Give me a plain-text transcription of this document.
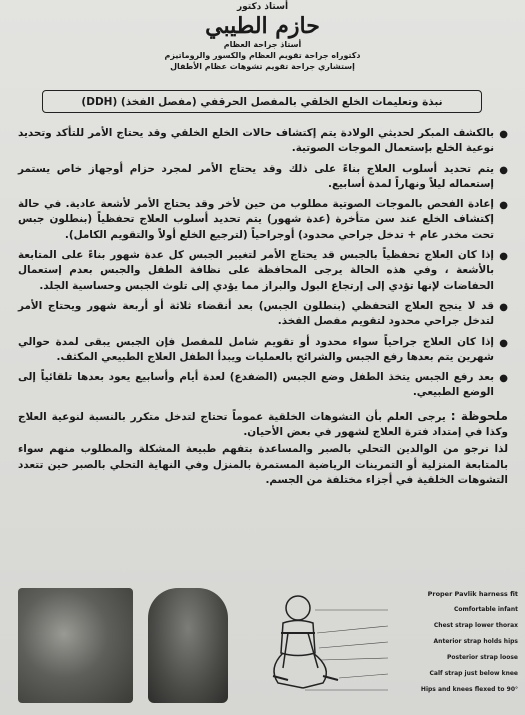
أستاذ دكتور
حازم الطيبي
أستاذ جراحة العظام
دكتوراه جراحة تقويم العظام والكسور والروماتيزم
إستشاري جراحة تقويم تشوهات عظام الأطفال
نبذة وتعليمات الخلع الخلقي بالمفصل الحرقفي (مفصل الفخذ) (DDH)
●
بالكشف المبكر لحديثي الولادة يتم إكتشاف حالات الخلع الخلقي وقد يحتاج الأمر للتأكد وتحديد نوعية الخلع بإستعمال الموجات الصوتية.
●
يتم تحديد أسلوب العلاج بناءً على ذلك وقد يحتاج الأمر لمجرد حزام أوجهاز خاص يستمر إستعماله ليلاً ونهاراً لمدة أسابيع.
●
إعادة الفحص بالموجات الصوتية مطلوب من حين لأخر وقد يحتاج الأمر لأشعة عادية. في حالة إكتشاف الخلع عند سن متأخرة (عدة شهور) يتم تحديد أسلوب العلاج تحفظياً (بنطلون جبس تحت مخدر عام + تدخل جراحي محدود) أوجراحياً (لترجيع الخلع أولاً والتقويم الكامل).
●
إذا كان العلاج تحفظياً بالجبس قد يحتاج الأمر لتغيير الجبس كل عدة شهور بناءً على المتابعة بالأشعة ، وفي هذه الحالة يرجى المحافظة على نظافة الطفل والجبس بعدم إستعمال الحفاضات لإنها تؤدي إلى إرتجاع البول والبراز مما يؤدي إلى تلوث الجبس وحساسية الجلد.
●
قد لا ينجح العلاج التحفظي (بنطلون الجبس) بعد أنقضاء ثلاثة أو أربعة شهور ويحتاج الأمر لتدخل جراحي محدود لتقويم مفصل الفخذ.
●
إذا كان العلاج جراحياً سواء محدود أو تقويم شامل للمفصل فإن الجبس يبقى لمدة حوالي شهرين يتم بعدها رفع الجبس والشرائح بالعمليات ويبدأ الطفل العلاج الطبيعي المكثف.
●
بعد رفع الجبس يتخذ الطفل وضع الجبس (الضفدع) لعدة أيام وأسابيع يعود بعدها تلقائياً إلى الوضع الطبيعي.

ملحوظة : يرجى العلم بأن التشوهات الخلقية عموماً تحتاج لتدخل متكرر بالنسبة لنوعية العلاج وكذا في إمتداد فترة العلاج لشهور في بعض الأحيان.

لذا نرجو من الوالدين التحلي بالصبر والمساعدة بتفهم طبيعة المشكلة والمطلوب منهم سواء بالمتابعة المنزلية أو التمرينات الرياضية المستمرة بالمنزل وفي النهاية التحلي بالصبر حين تتعدد التشوهات الخلقية في أجزاء مختلفة من الجسم.

Proper Pavlik harness fit
Comfortable infant
Chest strap lower thorax
Anterior strap holds hips
Posterior strap loose
Calf strap just below knee
Hips and knees flexed to 90°
